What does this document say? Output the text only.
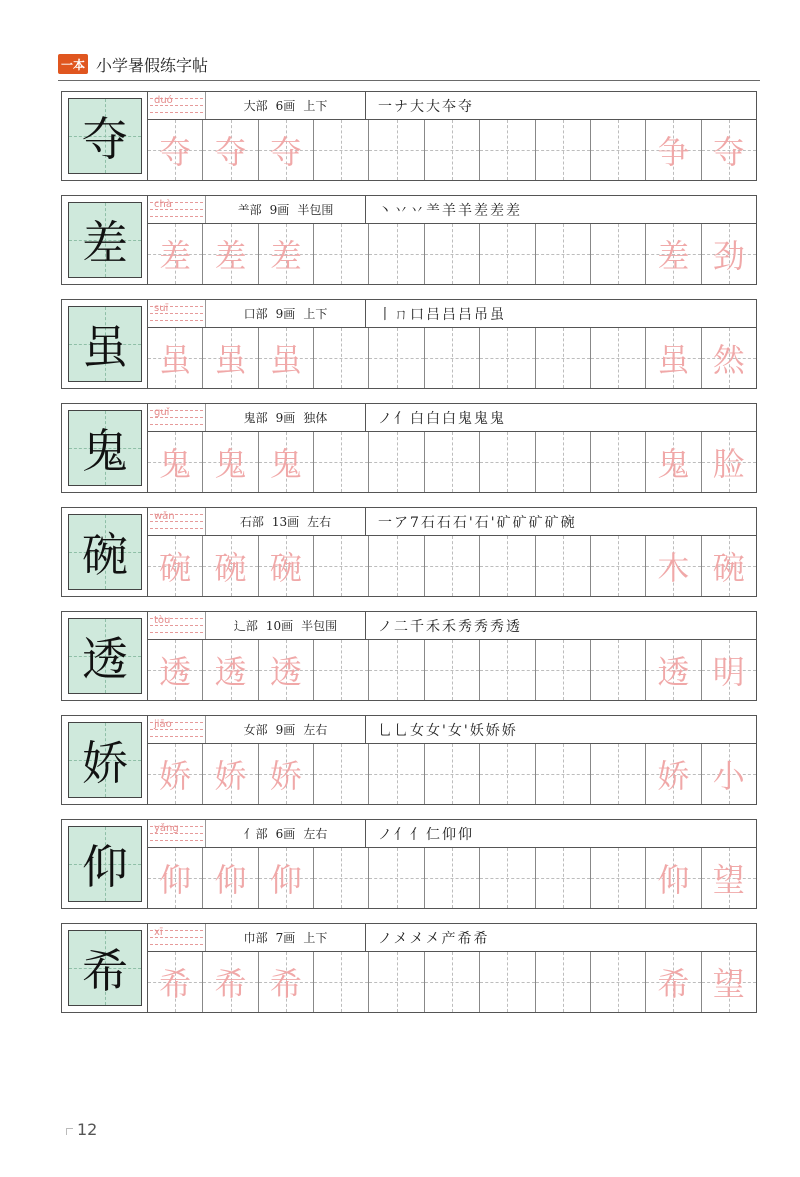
一本 小学暑假练字帖
夺
duó	大部 6画 上下	一ナ大大夲夺
夺 夺 夺	争 夺
差
chà	⺷部 9画 半包围	丶丷丷⺷羊羊差差差
差 差 差	差 劲
虽
suī	口部 9画 上下	丨ㄇ口吕吕吕吊虽
虽 虽 虽	虽 然
鬼
guǐ	鬼部 9画 独体	ノ亻白白白鬼鬼鬼
鬼 鬼 鬼	鬼 脸
碗
wǎn	石部 13画 左右	一ア7石石石'石'矿矿矿矿碗
碗 碗 碗	木 碗
透
tòu	辶部 10画 半包围	ノ二千禾禾秀秀秀透
透 透 透	透 明
娇
jiāo	女部 9画 左右	乚乚女女'女'妖娇娇
娇 娇 娇	娇 小
仰
yǎng	亻部 6画 左右	ノ亻亻仁仰仰
仰 仰 仰	仰 望
希
xī	巾部 7画 上下	ノメメ㐅产希希
希 希 希	希 望
12
